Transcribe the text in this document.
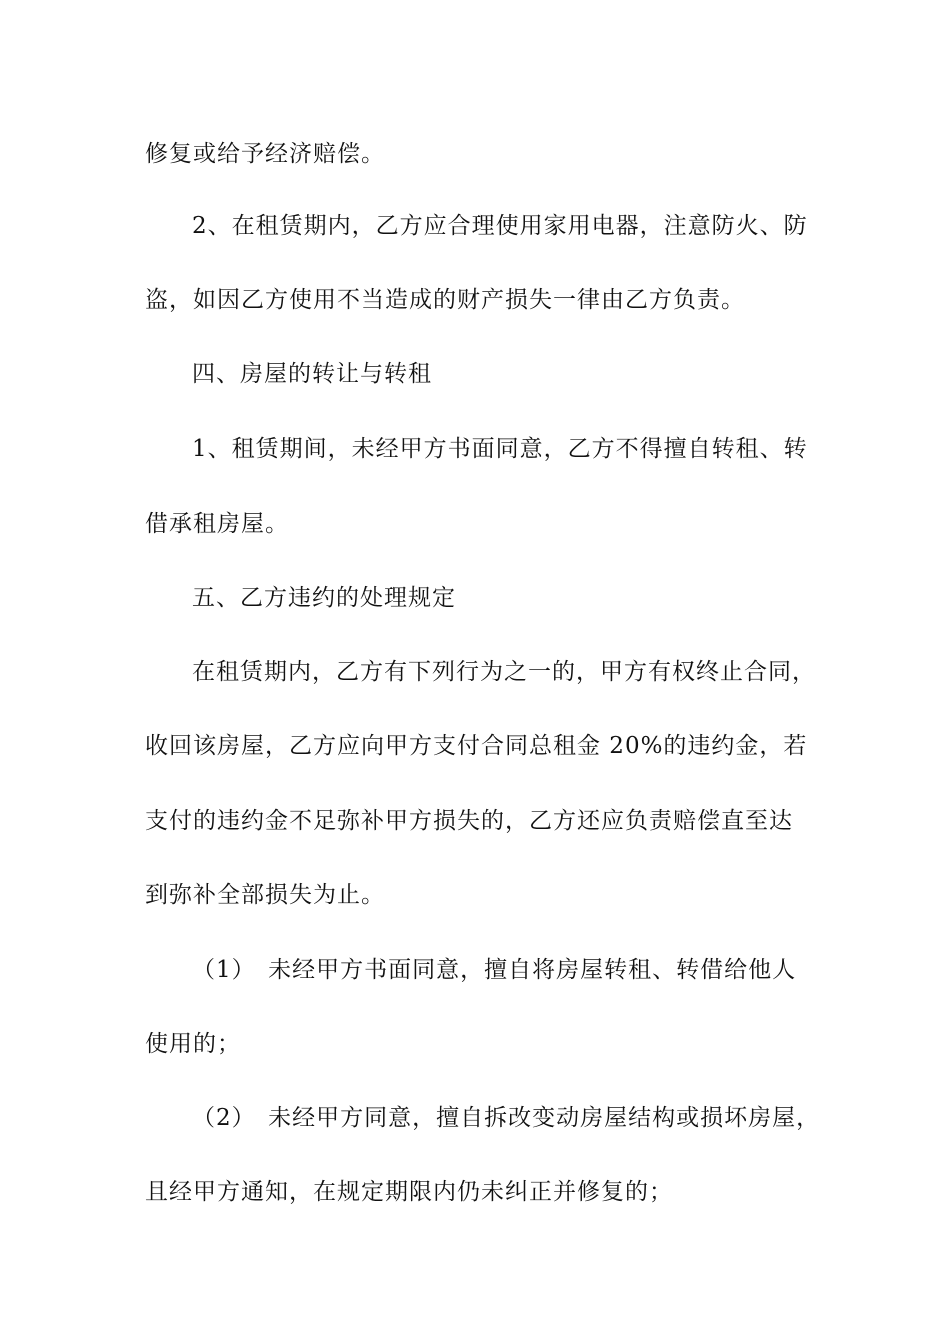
修复或给予经济赔偿。
2、在租赁期内，乙方应合理使用家用电器，注意防火、防
盗，如因乙方使用不当造成的财产损失一律由乙方负责。
四、房屋的转让与转租
1、租赁期间，未经甲方书面同意，乙方不得擅自转租、转
借承租房屋。
五、乙方违约的处理规定
在租赁期内，乙方有下列行为之一的，甲方有权终止合同，
收回该房屋，乙方应向甲方支付合同总租金 20%的违约金，若
支付的违约金不足弥补甲方损失的，乙方还应负责赔偿直至达
到弥补全部损失为止。
（1）　未经甲方书面同意，擅自将房屋转租、转借给他人
使用的；
（2）　未经甲方同意，擅自拆改变动房屋结构或损坏房屋，
且经甲方通知，在规定期限内仍未纠正并修复的；
